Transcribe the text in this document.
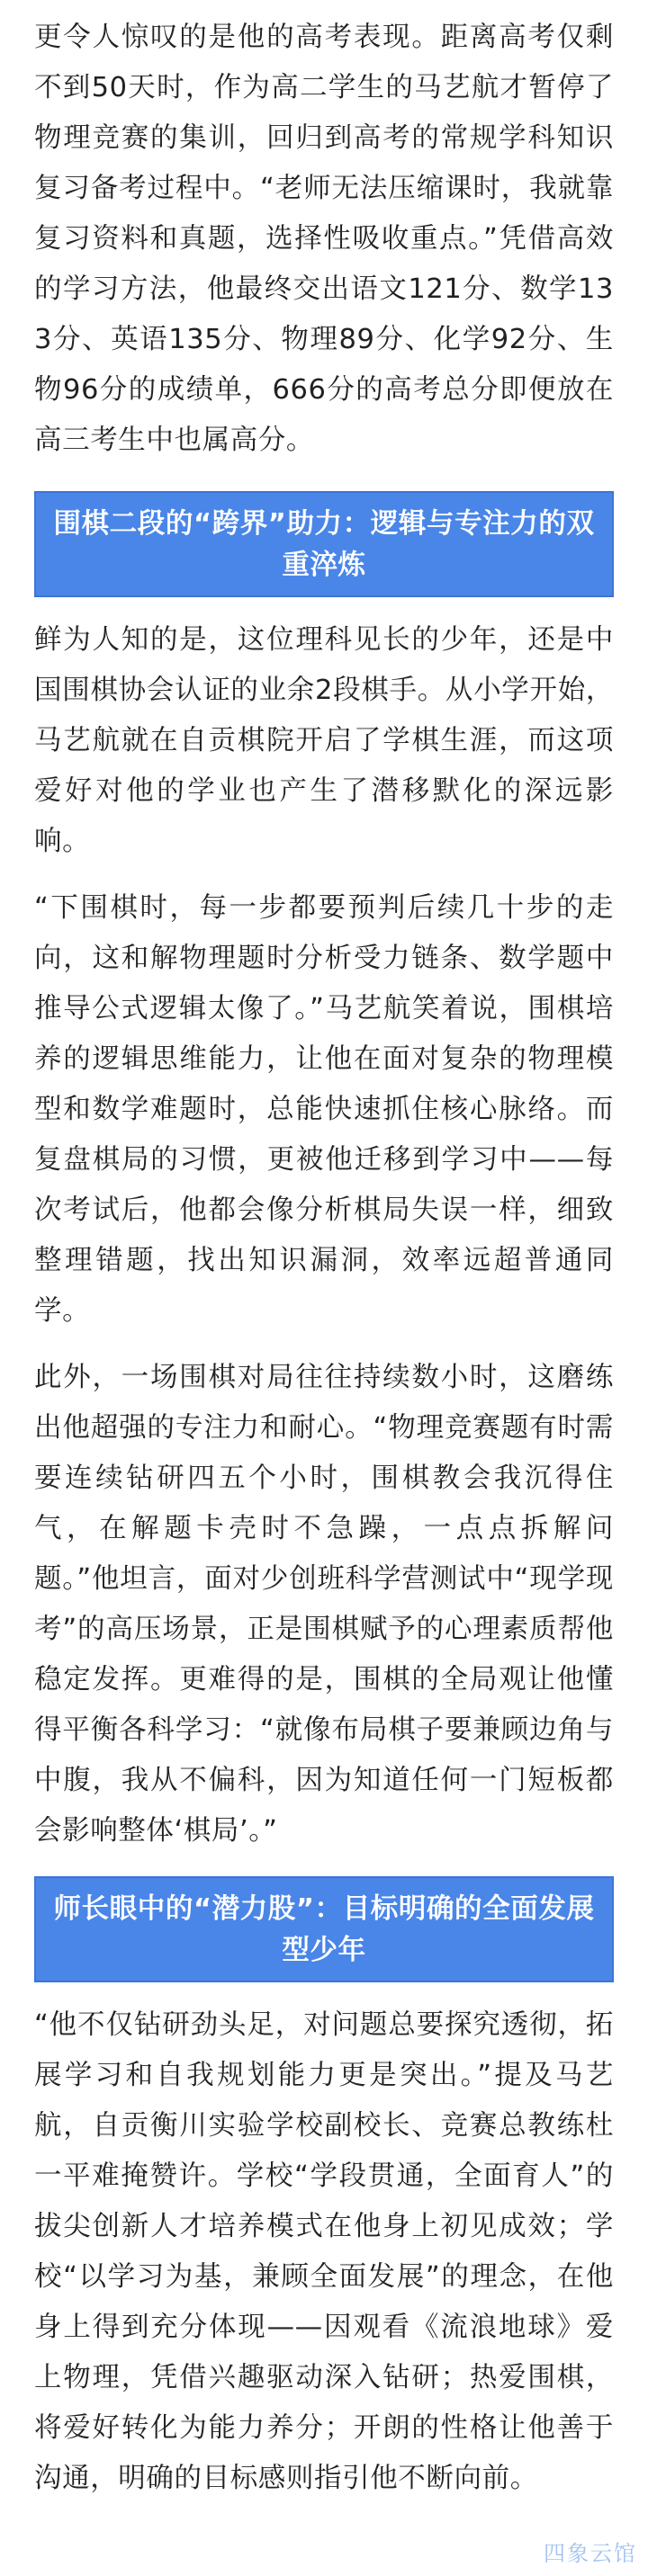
更令人惊叹的是他的高考表现。距离高考仅剩不到50天时，作为高二学生的马艺航才暂停了物理竞赛的集训，回归到高考的常规学科知识复习备考过程中。“老师无法压缩课时，我就靠复习资料和真题，选择性吸收重点。”凭借高效的学习方法，他最终交出语文121分、数学133分、英语135分、物理89分、化学92分、生物96分的成绩单，666分的高考总分即便放在高三考生中也属高分。

围棋二段的“跨界”助力：逻辑与专注力的双重淬炼

鲜为人知的是，这位理科见长的少年，还是中国围棋协会认证的业余2段棋手。从小学开始，马艺航就在自贡棋院开启了学棋生涯，而这项爱好对他的学业也产生了潜移默化的深远影响。

“下围棋时，每一步都要预判后续几十步的走向，这和解物理题时分析受力链条、数学题中推导公式逻辑太像了。”马艺航笑着说，围棋培养的逻辑思维能力，让他在面对复杂的物理模型和数学难题时，总能快速抓住核心脉络。而复盘棋局的习惯，更被他迁移到学习中——每次考试后，他都会像分析棋局失误一样，细致整理错题，找出知识漏洞，效率远超普通同学。

此外，一场围棋对局往往持续数小时，这磨练出他超强的专注力和耐心。“物理竞赛题有时需要连续钻研四五个小时，围棋教会我沉得住气，在解题卡壳时不急躁，一点点拆解问题。”他坦言，面对少创班科学营测试中“现学现考”的高压场景，正是围棋赋予的心理素质帮他稳定发挥。更难得的是，围棋的全局观让他懂得平衡各科学习：“就像布局棋子要兼顾边角与中腹，我从不偏科，因为知道任何一门短板都会影响整体‘棋局’。”

师长眼中的“潜力股”：目标明确的全面发展型少年

“他不仅钻研劲头足，对问题总要探究透彻，拓展学习和自我规划能力更是突出。”提及马艺航，自贡衡川实验学校副校长、竞赛总教练杜一平难掩赞许。学校“学段贯通，全面育人”的拔尖创新人才培养模式在他身上初见成效；学校“以学习为基，兼顾全面发展”的理念，在他身上得到充分体现——因观看《流浪地球》爱上物理，凭借兴趣驱动深入钻研；热爱围棋，将爱好转化为能力养分；开朗的性格让他善于沟通，明确的目标感则指引他不断向前。

四象云馆
